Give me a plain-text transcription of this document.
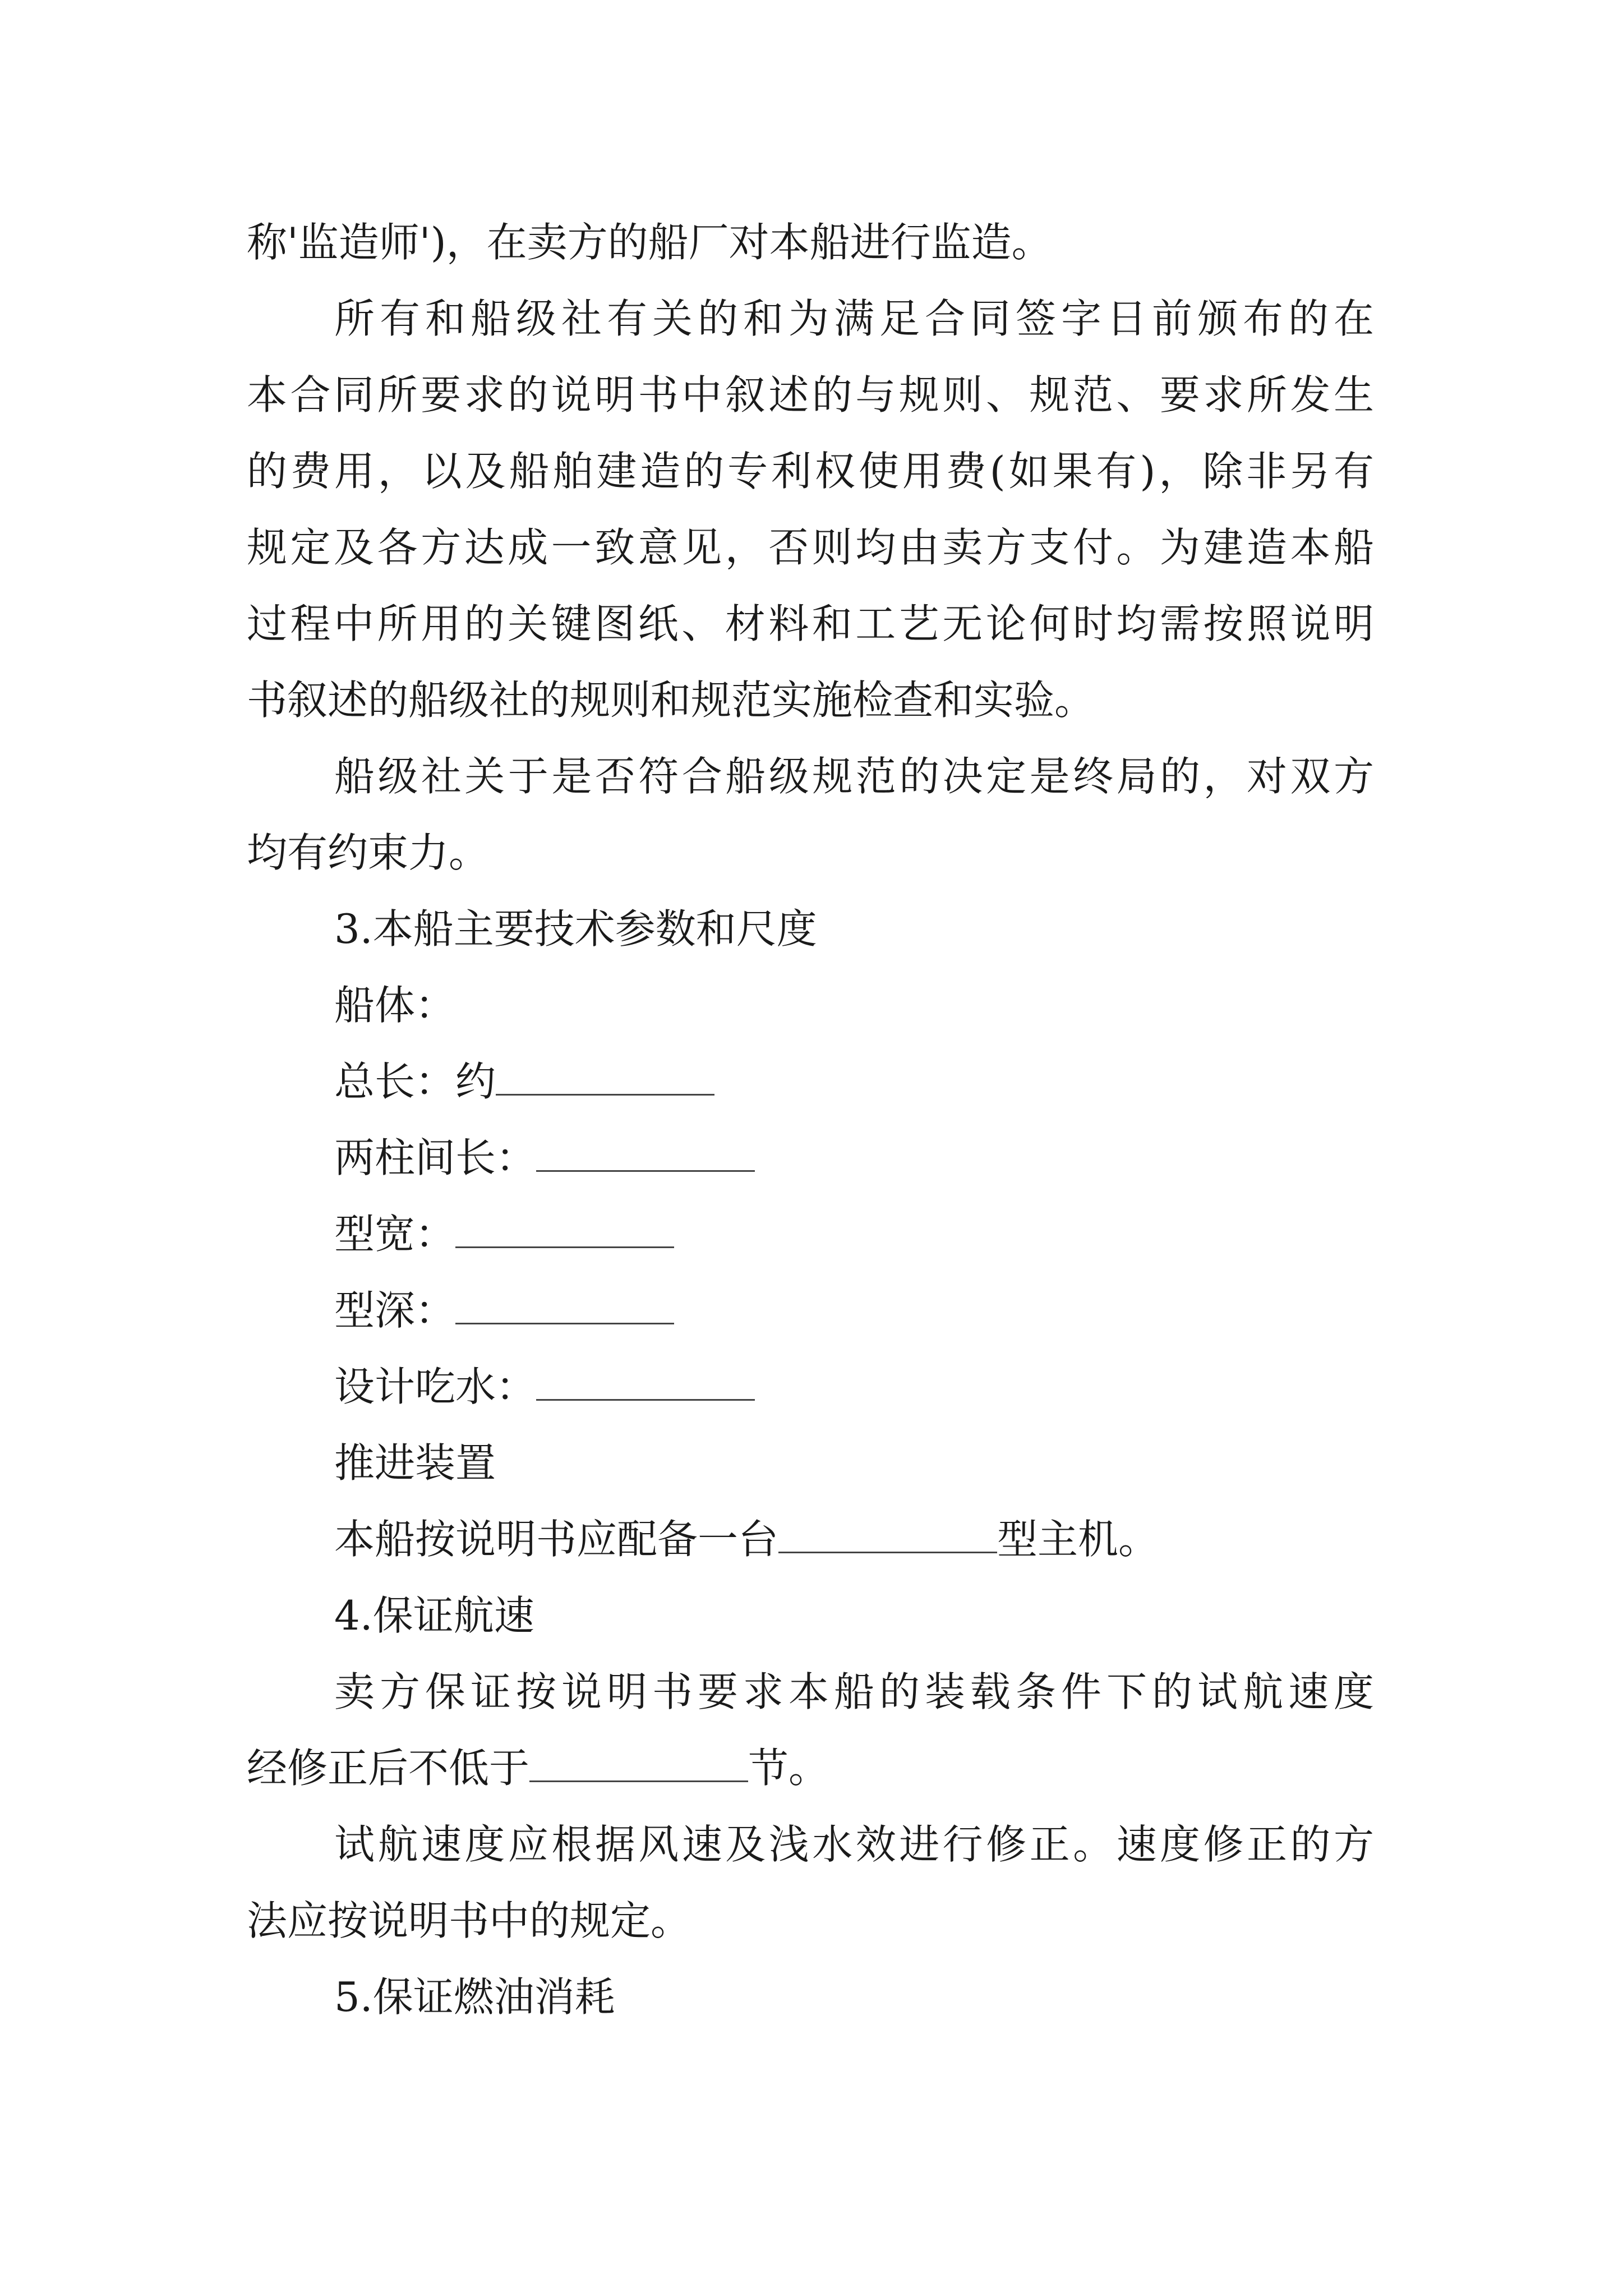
称'监造师')，在卖方的船厂对本船进行监造。
所有和船级社有关的和为满足合同签字日前颁布的在
本合同所要求的说明书中叙述的与规则、规范、要求所发生
的费用，以及船舶建造的专利权使用费(如果有)，除非另有
规定及各方达成一致意见，否则均由卖方支付。为建造本船
过程中所用的关键图纸、材料和工艺无论何时均需按照说明
书叙述的船级社的规则和规范实施检查和实验。
船级社关于是否符合船级规范的决定是终局的，对双方
均有约束力。
3.本船主要技术参数和尺度
船体：
总长：约
两柱间长：
型宽：
型深：
设计吃水：
推进装置
本船按说明书应配备一台	型主机。
4.保证航速
卖方保证按说明书要求本船的装载条件下的试航速度
经修正后不低于	节。
试航速度应根据风速及浅水效进行修正。速度修正的方
法应按说明书中的规定。
5.保证燃油消耗
